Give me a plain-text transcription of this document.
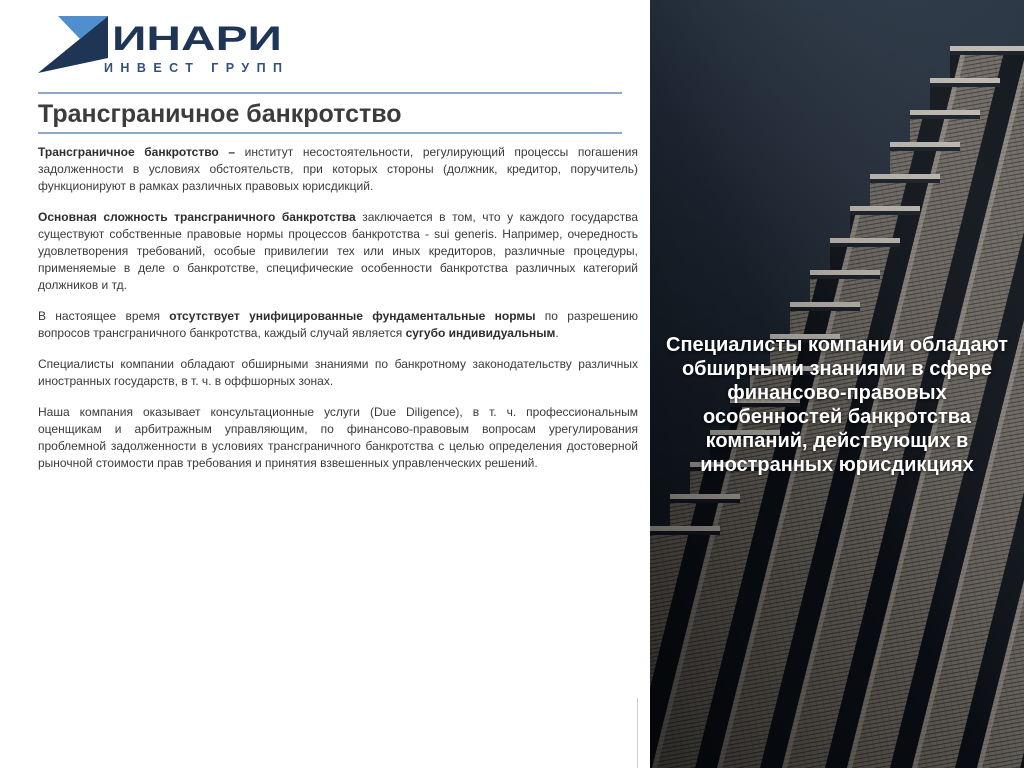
ИНАРИ
ИНВЕСТ ГРУПП
Трансграничное банкротство

Трансграничное банкротство – институт несостоятельности, регулирующий процессы погашения задолженности в условиях обстоятельств, при которых стороны (должник, кредитор, поручитель) функционируют в рамках различных правовых юрисдикций.

Основная сложность трансграничного банкротства заключается в том, что у каждого государства существуют собственные правовые нормы процессов банкротства - sui generis. Например, очередность удовлетворения требований, особые привилегии тех или иных кредиторов, различные процедуры, применяемые в деле о банкротстве, специфические особенности банкротства различных категорий должников и тд.

В настоящее время отсутствует унифицированные фундаментальные нормы по разрешению вопросов трансграничного банкротства, каждый случай является сугубо индивидуальным.

Специалисты компании обладают обширными знаниями по банкротному законодательству различных иностранных государств, в т. ч. в оффшорных зонах.

Наша компания оказывает консультационные услуги (Due Diligence), в т. ч. профессиональным оценщикам и арбитражным управляющим, по финансово-правовым вопросам урегулирования проблемной задолженности в условиях трансграничного банкротства с целью определения достоверной рыночной стоимости прав требования и принятия взвешенных управленческих решений.

Специалисты компании обладают
обширными знаниями в сфере
финансово-правовых
особенностей банкротства
компаний, действующих в
иностранных юрисдикциях
